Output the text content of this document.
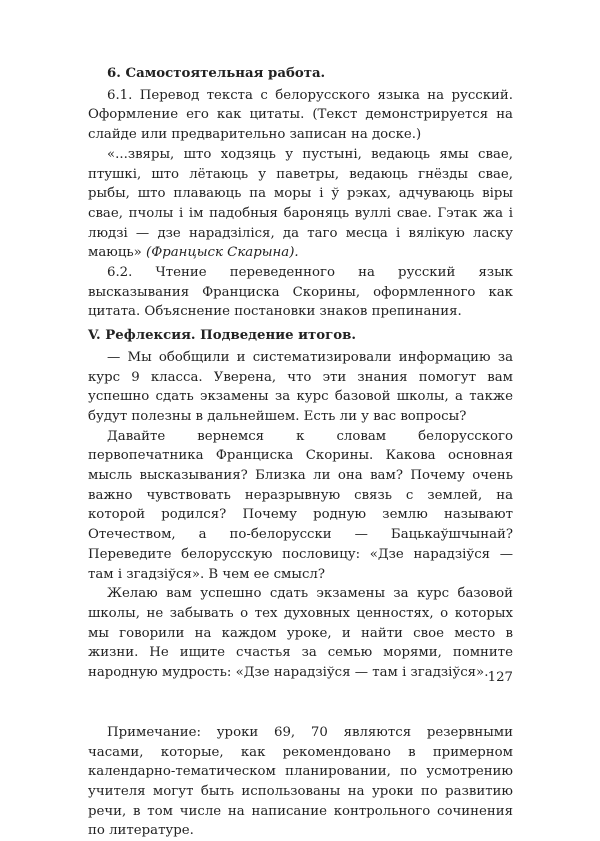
6. Самостоятельная работа.

6.1. Перевод текста с белорусского языка на русский. Оформление его как цитаты. (Текст демонстрируется на слайде или предварительно записан на доске.)

«...звяры, што ходзяць у пустыні, ведаюць ямы свае, птушкі, што лётаюць у паветры, ведаюць гнёзды свае, рыбы, што плаваюць па моры і ў рэках, адчуваюць віры свае, пчолы і ім падобныя бароняць вуллі свае. Гэтак жа і людзі — дзе нарадзіліся, да таго месца і вялікую ласку маюць» (Францыск Скарына).

6.2. Чтение переведенного на русский язык высказывания Франциска Скорины, оформленного как цитата. Объяснение постановки знаков препинания.

V. Рефлексия. Подведение итогов.

— Мы обобщили и систематизировали информацию за курс 9 класса. Уверена, что эти знания помогут вам успешно сдать экзамены за курс базовой школы, а также будут полезны в дальнейшем. Есть ли у вас вопросы?

Давайте вернемся к словам белорусского первопечатника Франциска Скорины. Какова основная мысль высказывания? Близка ли она вам? Почему очень важно чувствовать неразрывную связь с землей, на которой родился? Почему родную землю называют Отечеством, а по-белорусски — Бацькаўшчынай? Переведите белорусскую пословицу: «Дзе нарадзіўся — там і згадзіўся». В чем ее смысл?

Желаю вам успешно сдать экзамены за курс базовой школы, не забывать о тех духовных ценностях, о которых мы говорили на каждом уроке, и найти свое место в жизни. Не ищите счастья за семью морями, помните народную мудрость: «Дзе нарадзіўся — там і згадзіўся».

Примечание: уроки 69, 70 являются резервными часами, которые, как рекомендовано в примерном календарно-тематическом планировании, по усмотрению учителя могут быть использованы на уроки по развитию речи, в том числе на написание контрольного сочинения по литературе.

127
